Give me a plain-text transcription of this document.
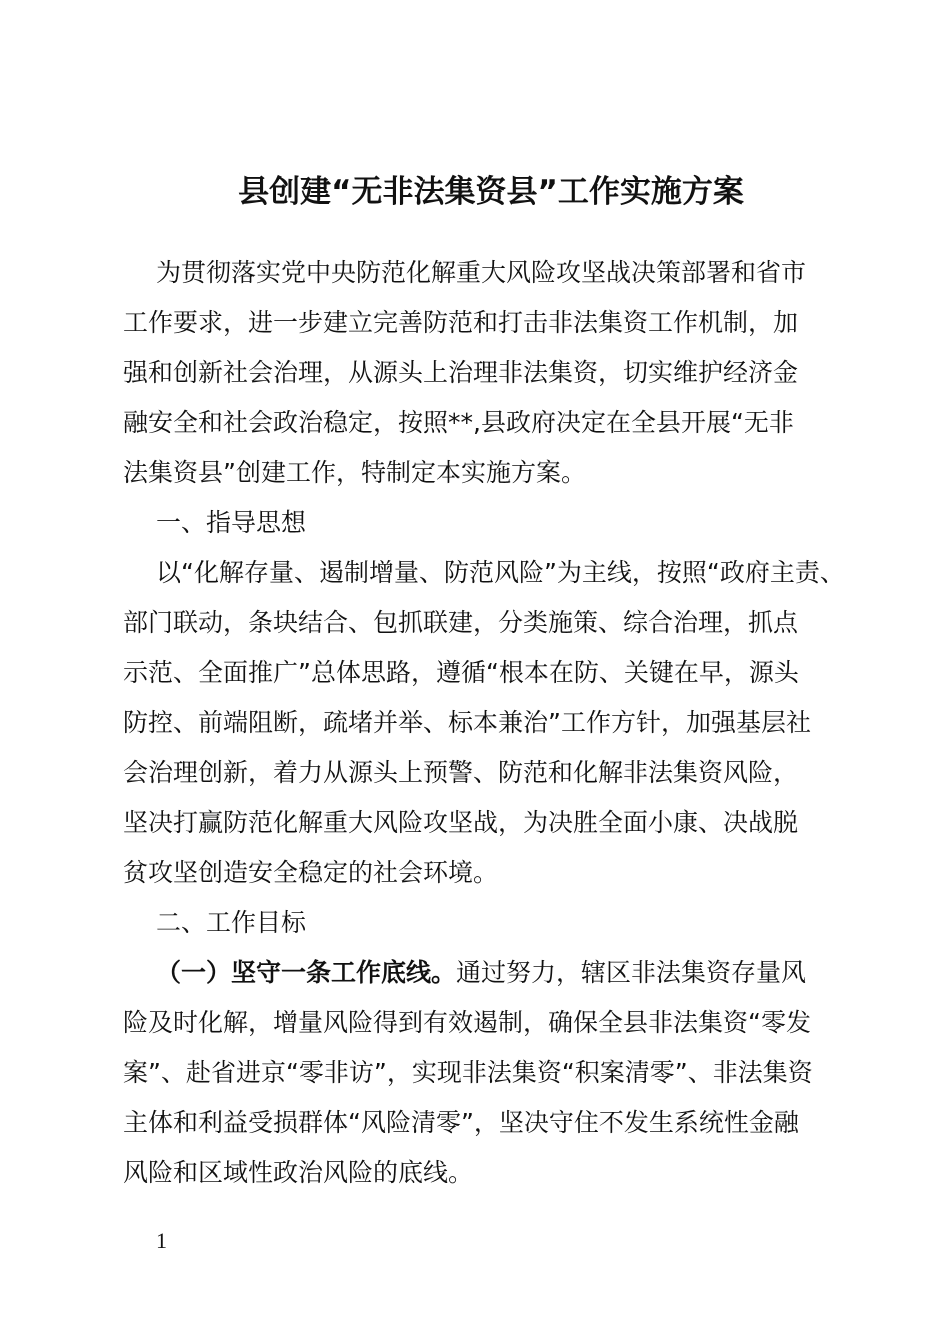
县创建“无非法集资县”工作实施方案
为贯彻落实党中央防范化解重大风险攻坚战决策部署和省市
工作要求，进一步建立完善防范和打击非法集资工作机制，加
强和创新社会治理，从源头上治理非法集资，切实维护经济金
融安全和社会政治稳定，按照**,县政府决定在全县开展“无非
法集资县”创建工作，特制定本实施方案。
一、指导思想
以“化解存量、遏制增量、防范风险”为主线，按照“政府主责、
部门联动，条块结合、包抓联建，分类施策、综合治理，抓点
示范、全面推广”总体思路，遵循“根本在防、关键在早，源头
防控、前端阻断，疏堵并举、标本兼治”工作方针，加强基层社
会治理创新，着力从源头上预警、防范和化解非法集资风险，
坚决打赢防范化解重大风险攻坚战，为决胜全面小康、决战脱
贫攻坚创造安全稳定的社会环境。
二、工作目标
（一）坚守一条工作底线。通过努力，辖区非法集资存量风
险及时化解，增量风险得到有效遏制，确保全县非法集资“零发
案”、赴省进京“零非访”，实现非法集资“积案清零”、非法集资
主体和利益受损群体“风险清零”，坚决守住不发生系统性金融
风险和区域性政治风险的底线。
1
